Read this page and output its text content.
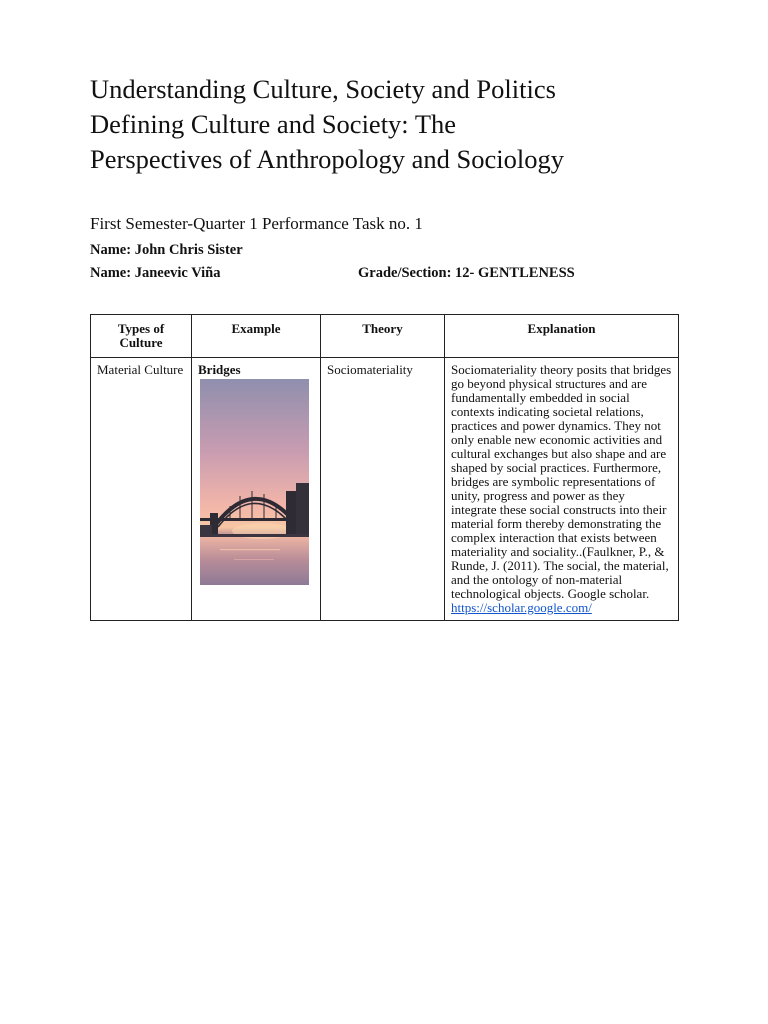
Understanding Culture, Society and Politics
Defining Culture and Society: The
Perspectives of Anthropology and Sociology

First Semester-Quarter 1 Performance Task no. 1

Name: John Chris Sister

Name: Janeevic Viña	Grade/Section: 12- GENTLENESS
Types of Culture	Example	Theory	Explanation
Material Culture	Bridges	Sociomateriality	Sociomateriality theory posits that bridges go beyond physical structures and are fundamentally embedded in social contexts indicating societal relations, practices and power dynamics. They not only enable new economic activities and cultural exchanges but also shape and are shaped by social practices. Furthermore, bridges are symbolic representations of unity, progress and power as they integrate these social constructs into their material form thereby demonstrating the complex interaction that exists between materiality and sociality..(Faulkner, P., & Runde, J. (2011). The social, the material, and the ontology of non-material technological objects. Google scholar.
https://scholar.google.com/
